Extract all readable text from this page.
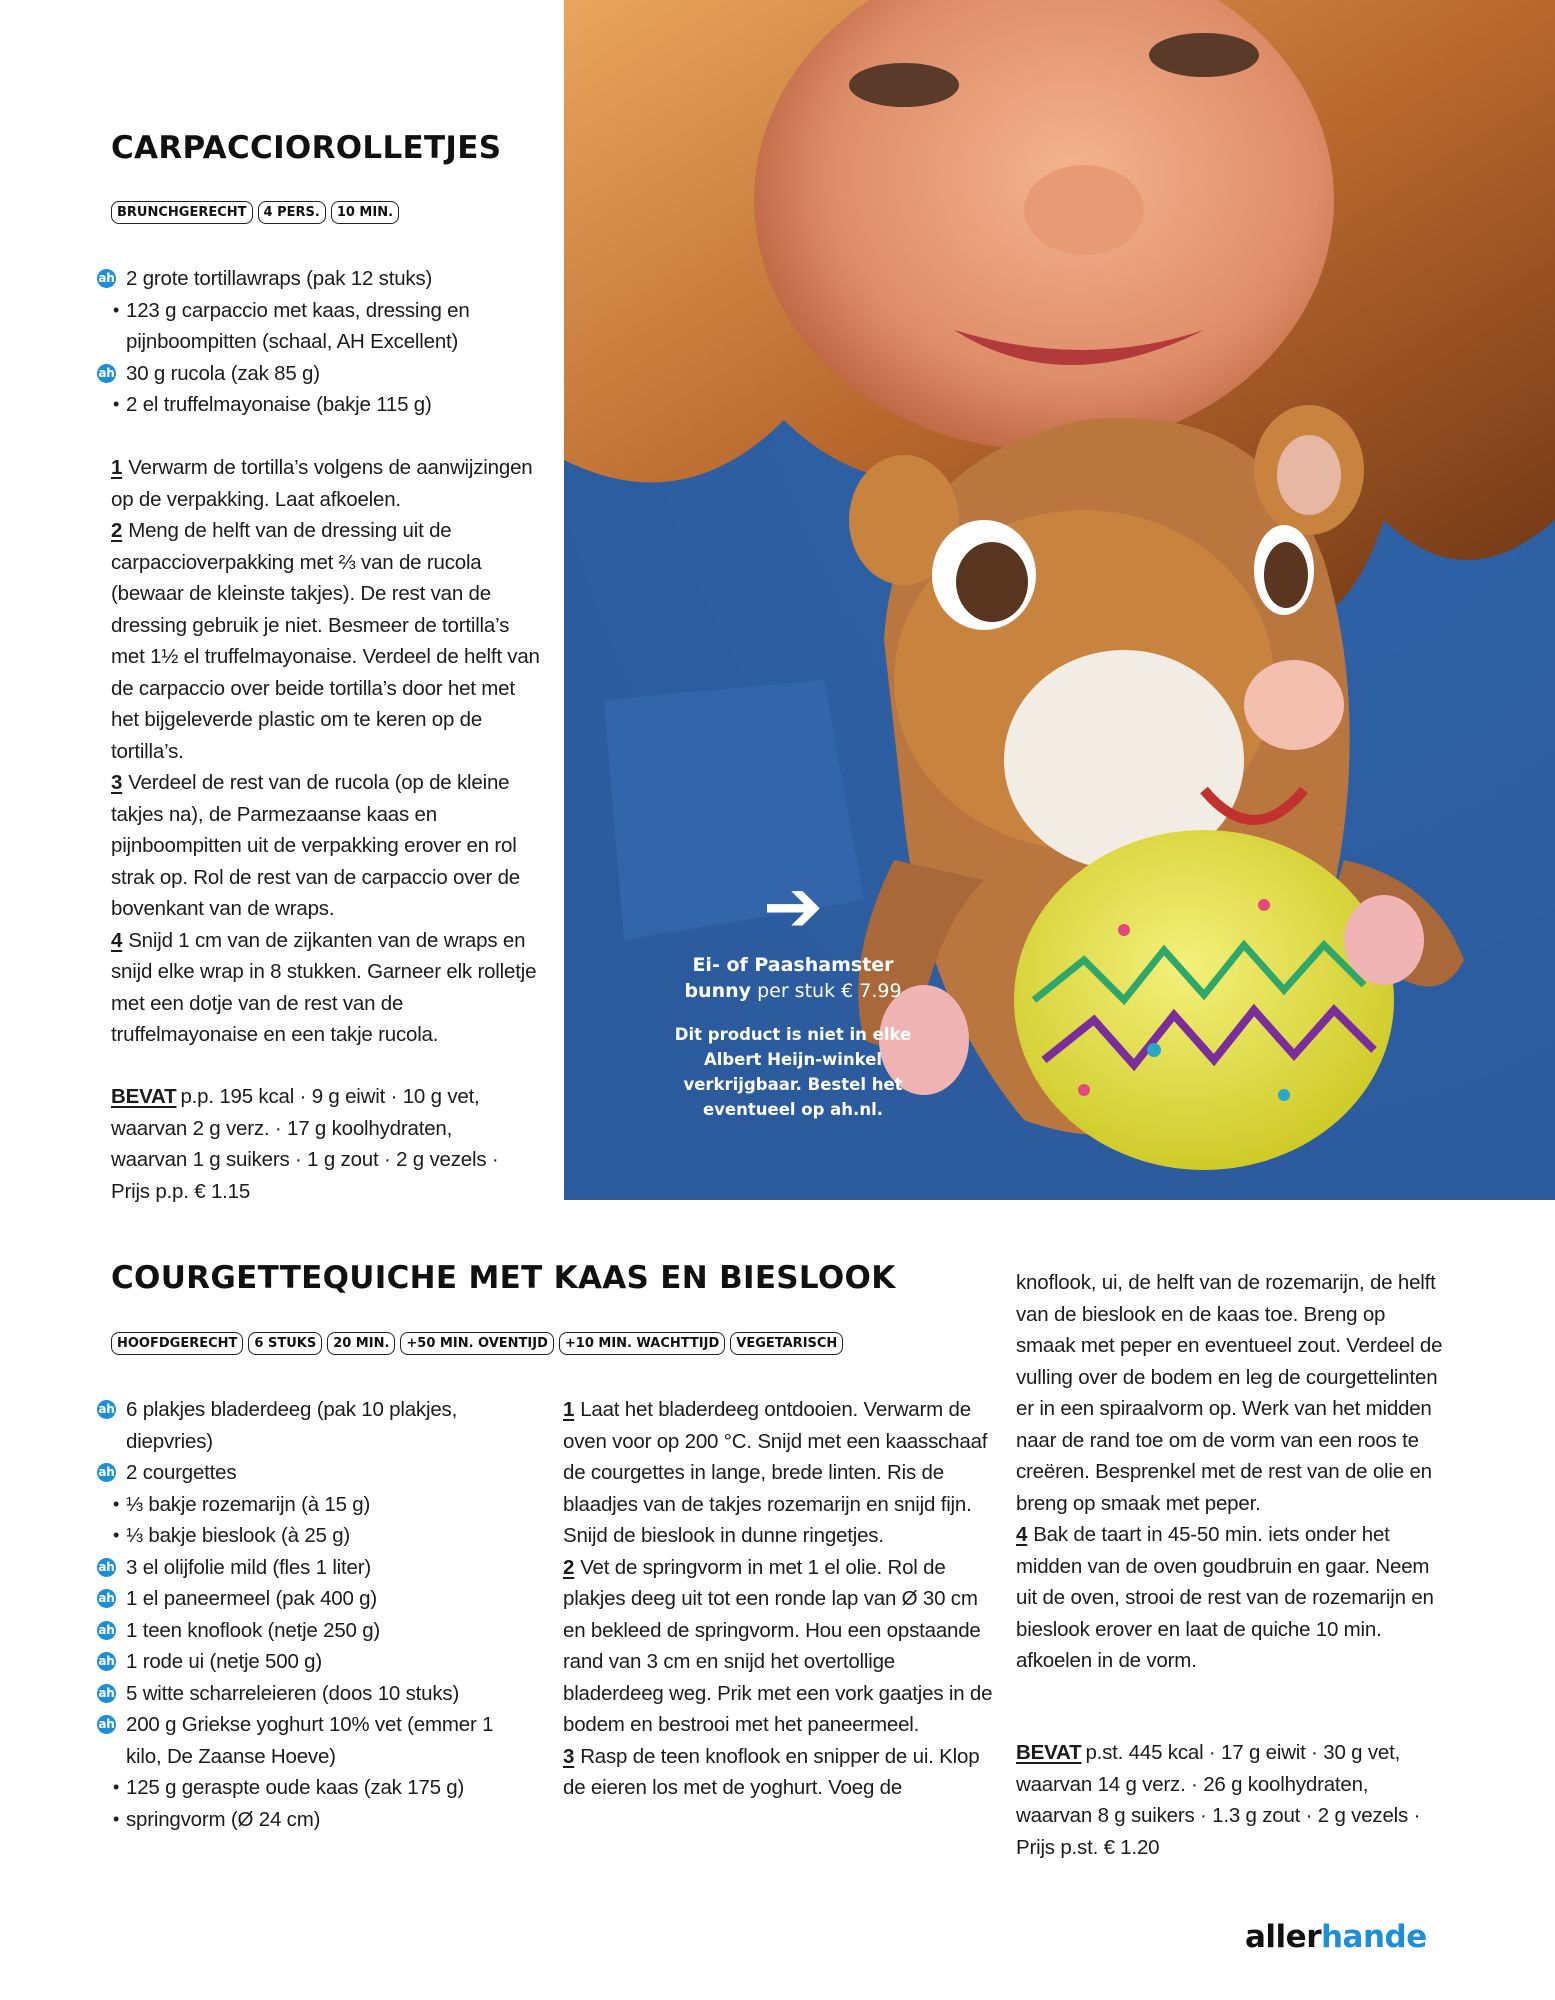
CARPACCIOROLLETJES
BRUNCHGERECHT	4 PERS.	10 MIN.
ah 2 grote tortillawraps (pak 12 stuks)
• 123 g carpaccio met kaas, dressing en pijnboompitten (schaal, AH Excellent)
ah 30 g rucola (zak 85 g)
• 2 el truffelmayonaise (bakje 115 g)

1 Verwarm de tortilla’s volgens de aanwijzingen op de verpakking. Laat afkoelen.

2 Meng de helft van de dressing uit de carpaccioverpakking met ⅔ van de rucola (bewaar de kleinste takjes). De rest van de dressing gebruik je niet. Besmeer de tortilla’s met 1½ el truffelmayonaise. Verdeel de helft van de carpaccio over beide tortilla’s door het met het bijgeleverde plastic om te keren op de tortilla’s.

3 Verdeel de rest van de rucola (op de kleine takjes na), de Parmezaanse kaas en pijnboompitten uit de verpakking erover en rol strak op. Rol de rest van de carpaccio over de bovenkant van de wraps.

4 Snijd 1 cm van de zijkanten van de wraps en snijd elke wrap in 8 stukken. Garneer elk rolletje met een dotje van de rest van de truffelmayonaise en een takje rucola.

BEVAT p.p. 195 kcal · 9 g eiwit · 10 g vet, waarvan 2 g verz. · 17 g koolhydraten, waarvan 1 g suikers · 1 g zout · 2 g vezels · Prijs p.p. € 1.15

➔
Ei- of Paashamster bunny per stuk € 7.99
Dit product is niet in elke Albert Heijn-winkel verkrijgbaar. Bestel het eventueel op ah.nl.
COURGETTEQUICHE MET KAAS EN BIESLOOK
HOOFDGERECHT	6 STUKS	20 MIN.	+50 MIN. OVENTIJD	+10 MIN. WACHTTIJD	VEGETARISCH
ah 6 plakjes bladerdeeg (pak 10 plakjes, diepvries)
ah 2 courgettes
• ⅓ bakje rozemarijn (à 15 g)
• ⅓ bakje bieslook (à 25 g)
ah 3 el olijfolie mild (fles 1 liter)
ah 1 el paneermeel (pak 400 g)
ah 1 teen knoflook (netje 250 g)
ah 1 rode ui (netje 500 g)
ah 5 witte scharreleieren (doos 10 stuks)
ah 200 g Griekse yoghurt 10% vet (emmer 1 kilo, De Zaanse Hoeve)
• 125 g geraspte oude kaas (zak 175 g)
• springvorm (Ø 24 cm)

1 Laat het bladerdeeg ontdooien. Verwarm de oven voor op 200 °C. Snijd met een kaasschaaf de courgettes in lange, brede linten. Ris de blaadjes van de takjes rozemarijn en snijd fijn. Snijd de bieslook in dunne ringetjes.

2 Vet de springvorm in met 1 el olie. Rol de plakjes deeg uit tot een ronde lap van Ø 30 cm en bekleed de springvorm. Hou een opstaande rand van 3 cm en snijd het overtollige bladerdeeg weg. Prik met een vork gaatjes in de bodem en bestrooi met het paneermeel.

3 Rasp de teen knoflook en snipper de ui. Klop de eieren los met de yoghurt. Voeg de

knoflook, ui, de helft van de rozemarijn, de helft van de bieslook en de kaas toe. Breng op smaak met peper en eventueel zout. Verdeel de vulling over de bodem en leg de courgettelinten er in een spiraalvorm op. Werk van het midden naar de rand toe om de vorm van een roos te creëren. Besprenkel met de rest van de olie en breng op smaak met peper.

4 Bak de taart in 45-50 min. iets onder het midden van de oven goudbruin en gaar. Neem uit de oven, strooi de rest van de rozemarijn en bieslook erover en laat de quiche 10 min. afkoelen in de vorm.

BEVAT p.st. 445 kcal · 17 g eiwit · 30 g vet, waarvan 14 g verz. · 26 g koolhydraten, waarvan 8 g suikers · 1.3 g zout · 2 g vezels · Prijs p.st. € 1.20

allerhande
